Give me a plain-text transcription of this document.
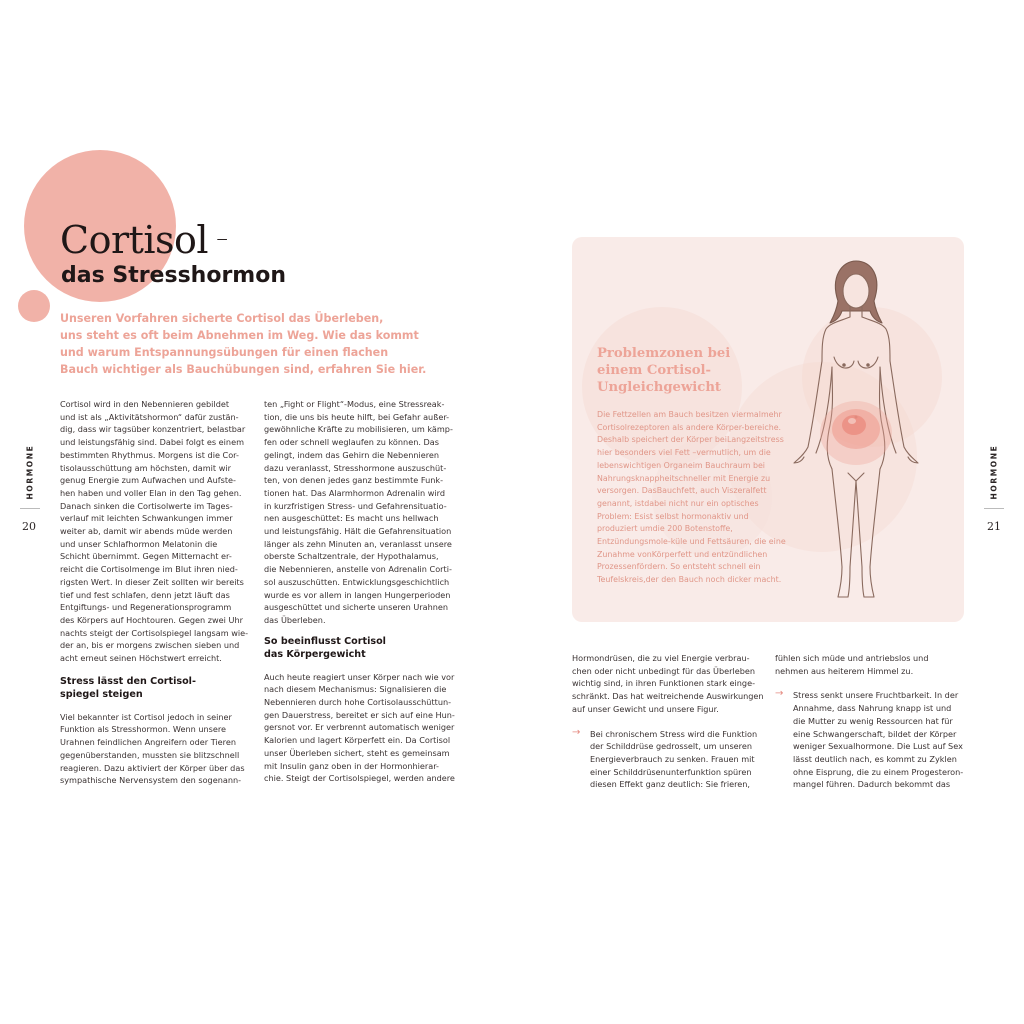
Cortisol –
das Stresshormon
Unseren Vorfahren sicherte Cortisol das Überleben,
uns steht es oft beim Abnehmen im Weg. Wie das kommt
und warum Entspannungsübungen für einen flachen
Bauch wichtiger als Bauchübungen sind, erfahren Sie hier.
Cortisol wird in den Nebennieren gebildet
und ist als „Aktivitätshormon“ dafür zustän-
dig, dass wir tagsüber konzentriert, belastbar
und leistungsfähig sind. Dabei folgt es einem
bestimmten Rhythmus. Morgens ist die Cor-
tisolausschüttung am höchsten, damit wir
genug Energie zum Aufwachen und Aufste-
hen haben und voller Elan in den Tag gehen.
Danach sinken die Cortisolwerte im Tages-
verlauf mit leichten Schwankungen immer
weiter ab, damit wir abends müde werden
und unser Schlafhormon Melatonin die
Schicht übernimmt. Gegen Mitternacht er-
reicht die Cortisolmenge im Blut ihren nied-
rigsten Wert. In dieser Zeit sollten wir bereits
tief und fest schlafen, denn jetzt läuft das
Entgiftungs- und Regenerationsprogramm
des Körpers auf Hochtouren. Gegen zwei Uhr
nachts steigt der Cortisolspiegel langsam wie-
der an, bis er morgens zwischen sieben und
acht erneut seinen Höchstwert erreicht.
Stress lässt den Cortisol-
spiegel steigen
Viel bekannter ist Cortisol jedoch in seiner
Funktion als Stresshormon. Wenn unsere
Urahnen feindlichen Angreifern oder Tieren
gegenüberstanden, mussten sie blitzschnell
reagieren. Dazu aktiviert der Körper über das
sympathische Nervensystem den sogenann-
ten „Fight or Flight“-Modus, eine Stressreak-
tion, die uns bis heute hilft, bei Gefahr außer-
gewöhnliche Kräfte zu mobilisieren, um kämp-
fen oder schnell weglaufen zu können. Das
gelingt, indem das Gehirn die Nebennieren
dazu veranlasst, Stresshormone auszuschüt-
ten, von denen jedes ganz bestimmte Funk-
tionen hat. Das Alarmhormon Adrenalin wird
in kurzfristigen Stress- und Gefahrensituatio-
nen ausgeschüttet: Es macht uns hellwach
und leistungsfähig. Hält die Gefahrensituation
länger als zehn Minuten an, veranlasst unsere
oberste Schaltzentrale, der Hypothalamus,
die Nebennieren, anstelle von Adrenalin Corti-
sol auszuschütten. Entwicklungsgeschichtlich
wurde es vor allem in langen Hungerperioden
ausgeschüttet und sicherte unseren Urahnen
das Überleben.
So beeinflusst Cortisol
das Körpergewicht
Auch heute reagiert unser Körper nach wie vor
nach diesem Mechanismus: Signalisieren die
Nebennieren durch hohe Cortisolausschüttun-
gen Dauerstress, bereitet er sich auf eine Hun-
gersnot vor. Er verbrennt automatisch weniger
Kalorien und lagert Körperfett ein. Da Cortisol
unser Überleben sichert, steht es gemeinsam
mit Insulin ganz oben in der Hormonhierar-
chie. Steigt der Cortisolspiegel, werden andere
Hormondrüsen, die zu viel Energie verbrau-
chen oder nicht unbedingt für das Überleben
wichtig sind, in ihren Funktionen stark einge-
schränkt. Das hat weitreichende Auswirkungen
auf unser Gewicht und unsere Figur.
→ Bei chronischem Stress wird die Funktion
der Schilddrüse gedrosselt, um unseren
Energieverbrauch zu senken. Frauen mit
einer Schilddrüsenunterfunktion spüren
diesen Effekt ganz deutlich: Sie frieren,
fühlen sich müde und antriebslos und
nehmen aus heiterem Himmel zu.
→ Stress senkt unsere Fruchtbarkeit. In der
Annahme, dass Nahrung knapp ist und
die Mutter zu wenig Ressourcen hat für
eine Schwangerschaft, bildet der Körper
weniger Sexualhormone. Die Lust auf Sex
lässt deutlich nach, es kommt zu Zyklen
ohne Eisprung, die zu einem Progesteron-
mangel führen. Dadurch bekommt das
HORMONE
20
HORMONE
21
Problemzonen bei
einem Cortisol-
Ungleichgewicht
Die Fettzellen am Bauch besitzen viermalmehr Cortisolrezeptoren als andere Körper-bereiche. Deshalb speichert der Körper beiLangzeitstress hier besonders viel Fett –vermutlich, um die lebenswichtigen Organeim Bauchraum bei Nahrungsknappheitschneller mit Energie zu versorgen. DasBauchfett, auch Viszeralfett genannt, istdabei nicht nur ein optisches Problem: Esist selbst hormonaktiv und produziert umdie 200 Botenstoffe, Entzündungsmole-küle und Fettsäuren, die eine Zunahme vonKörperfett und entzündlichen Prozessenfördern. So entsteht schnell ein Teufelskreis,der den Bauch noch dicker macht.
